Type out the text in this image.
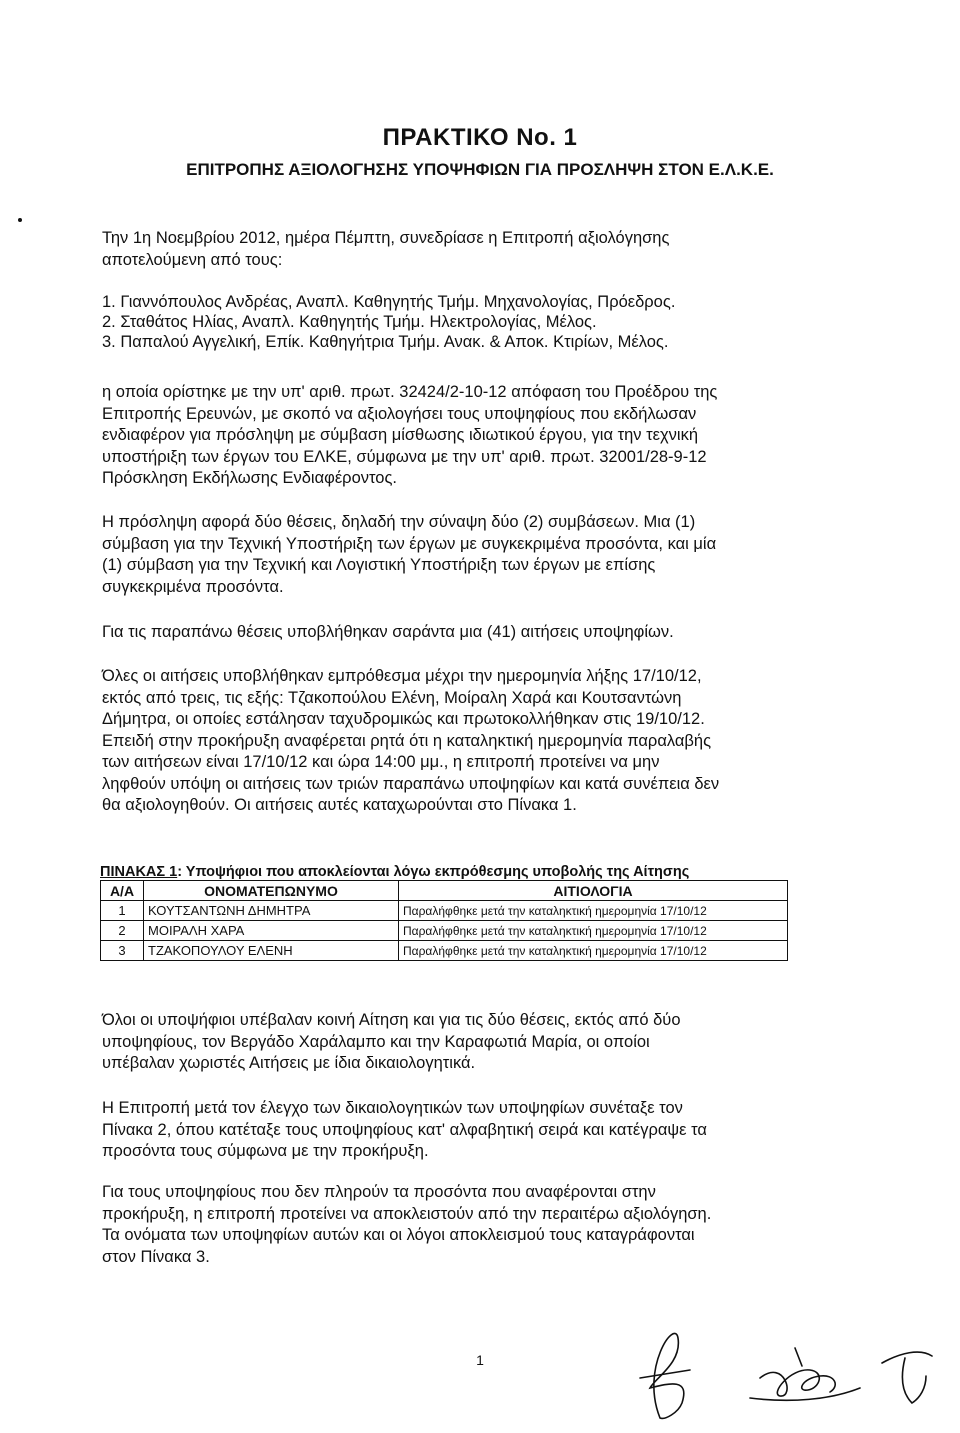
ΠΡΑΚΤΙΚΟ Νο. 1
ΕΠΙΤΡΟΠΗΣ ΑΞΙΟΛΟΓΗΣΗΣ ΥΠΟΨΗΦΙΩΝ ΓΙΑ ΠΡΟΣΛΗΨΗ ΣΤΟΝ Ε.Λ.Κ.Ε.
Την 1η Νοεμβρίου 2012, ημέρα Πέμπτη, συνεδρίασε η Επιτροπή αξιολόγησης
αποτελούμενη από τους:
1. Γιαννόπουλος Ανδρέας, Αναπλ. Καθηγητής Τμήμ. Μηχανολογίας, Πρόεδρος.
2. Σταθάτος Ηλίας, Αναπλ. Καθηγητής Τμήμ. Ηλεκτρολογίας, Μέλος.
3. Παπαλού Αγγελική, Επίκ. Καθηγήτρια Τμήμ. Ανακ. & Αποκ. Κτιρίων, Μέλος.
η οποία ορίστηκε με την υπ' αριθ. πρωτ. 32424/2-10-12 απόφαση του Προέδρου της
Επιτροπής Ερευνών, με σκοπό να αξιολογήσει τους υποψηφίους που εκδήλωσαν
ενδιαφέρον για πρόσληψη με σύμβαση μίσθωσης ιδιωτικού έργου, για την τεχνική
υποστήριξη των έργων του ΕΛΚΕ, σύμφωνα με την υπ' αριθ. πρωτ. 32001/28-9-12
Πρόσκληση Εκδήλωσης Ενδιαφέροντος.
Η πρόσληψη αφορά δύο θέσεις, δηλαδή την σύναψη δύο (2) συμβάσεων. Μια (1)
σύμβαση για την Τεχνική Υποστήριξη των έργων με συγκεκριμένα προσόντα, και μία
(1) σύμβαση για την Τεχνική και Λογιστική Υποστήριξη των έργων με επίσης
συγκεκριμένα προσόντα.
Για τις παραπάνω θέσεις υποβλήθηκαν σαράντα μια (41) αιτήσεις υποψηφίων.
Όλες οι αιτήσεις υποβλήθηκαν εμπρόθεσμα μέχρι την ημερομηνία λήξης 17/10/12,
εκτός από τρεις, τις εξής: Τζακοπούλου Ελένη, Μοίραλη Χαρά και Κουτσαντώνη
Δήμητρα, οι οποίες εστάλησαν ταχυδρομικώς και πρωτοκολλήθηκαν στις 19/10/12.
Επειδή στην προκήρυξη αναφέρεται ρητά ότι η καταληκτική ημερομηνία παραλαβής
των αιτήσεων είναι 17/10/12 και ώρα 14:00 μμ., η επιτροπή προτείνει να μην
ληφθούν υπόψη οι αιτήσεις των τριών παραπάνω υποψηφίων και κατά συνέπεια δεν
θα αξιολογηθούν. Οι αιτήσεις αυτές καταχωρούνται στο Πίνακα 1.
ΠΙΝΑΚΑΣ 1: Υποψήφιοι που αποκλείονται λόγω εκπρόθεσμης υποβολής της Αίτησης
Α/Α	ΟΝΟΜΑΤΕΠΩΝΥΜΟ	ΑΙΤΙΟΛΟΓΙΑ
1	ΚΟΥΤΣΑΝΤΩΝΗ ΔΗΜΗΤΡΑ	Παραλήφθηκε μετά την καταληκτική ημερομηνία 17/10/12
2	ΜΟΙΡΑΛΗ ΧΑΡΑ	Παραλήφθηκε μετά την καταληκτική ημερομηνία 17/10/12
3	ΤΖΑΚΟΠΟΥΛΟΥ ΕΛΕΝΗ	Παραλήφθηκε μετά την καταληκτική ημερομηνία 17/10/12
Όλοι οι υποψήφιοι υπέβαλαν κοινή Αίτηση και για τις δύο θέσεις, εκτός από δύο
υποψηφίους, τον Βεργάδο Χαράλαμπο και την Καραφωτιά Μαρία, οι οποίοι
υπέβαλαν χωριστές Αιτήσεις με ίδια δικαιολογητικά.
Η Επιτροπή μετά τον έλεγχο των δικαιολογητικών των υποψηφίων συνέταξε τον
Πίνακα 2, όπου κατέταξε τους υποψηφίους κατ' αλφαβητική σειρά και κατέγραψε τα
προσόντα τους σύμφωνα με την προκήρυξη.
Για τους υποψηφίους που δεν πληρούν τα προσόντα που αναφέρονται στην
προκήρυξη, η επιτροπή προτείνει να αποκλειστούν από την περαιτέρω αξιολόγηση.
Τα ονόματα των υποψηφίων αυτών και οι λόγοι αποκλεισμού τους καταγράφονται
στον Πίνακα 3.
1
